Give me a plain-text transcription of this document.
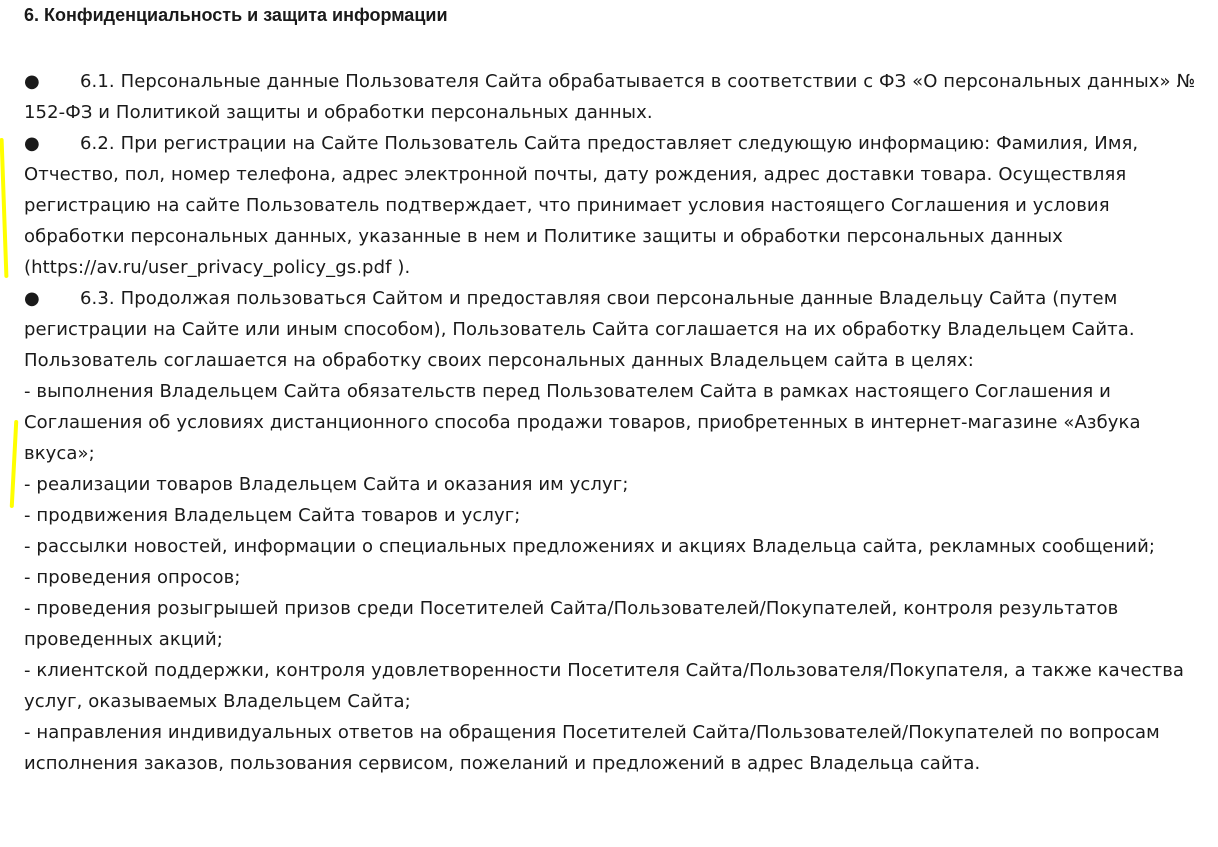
6. Конфиденциальность и защита информации
● 6.1. Персональные данные Пользователя Сайта обрабатывается в соответствии с ФЗ «О персональных данных» № 152-ФЗ и Политикой защиты и обработки персональных данных.
● 6.2. При регистрации на Сайте Пользователь Сайта предоставляет следующую информацию: Фамилия, Имя, Отчество, пол, номер телефона, адрес электронной почты, дату рождения, адрес доставки товара. Осуществляя регистрацию на сайте Пользователь подтверждает, что принимает условия настоящего Соглашения и условия обработки персональных данных, указанные в нем и Политике защиты и обработки персональных данных (https://av.ru/user_privacy_policy_gs.pdf ).
● 6.3. Продолжая пользоваться Сайтом и предоставляя свои персональные данные Владельцу Сайта (путем регистрации на Сайте или иным способом), Пользователь Сайта соглашается на их обработку Владельцем Сайта. Пользователь соглашается на обработку своих персональных данных Владельцем сайта в целях:
- выполнения Владельцем Сайта обязательств перед Пользователем Сайта в рамках настоящего Соглашения и Соглашения об условиях дистанционного способа продажи товаров, приобретенных в интернет-магазине «Азбука вкуса»;
- реализации товаров Владельцем Сайта и оказания им услуг;
- продвижения Владельцем Сайта товаров и услуг;
- рассылки новостей, информации о специальных предложениях и акциях Владельца сайта, рекламных сообщений;
- проведения опросов;
- проведения розыгрышей призов среди Посетителей Сайта/Пользователей/Покупателей, контроля результатов проведенных акций;
- клиентской поддержки, контроля удовлетворенности Посетителя Сайта/Пользователя/Покупателя, а также качества услуг, оказываемых Владельцем Сайта;
- направления индивидуальных ответов на обращения Посетителей Сайта/Пользователей/Покупателей по вопросам исполнения заказов, пользования сервисом, пожеланий и предложений в адрес Владельца сайта.
